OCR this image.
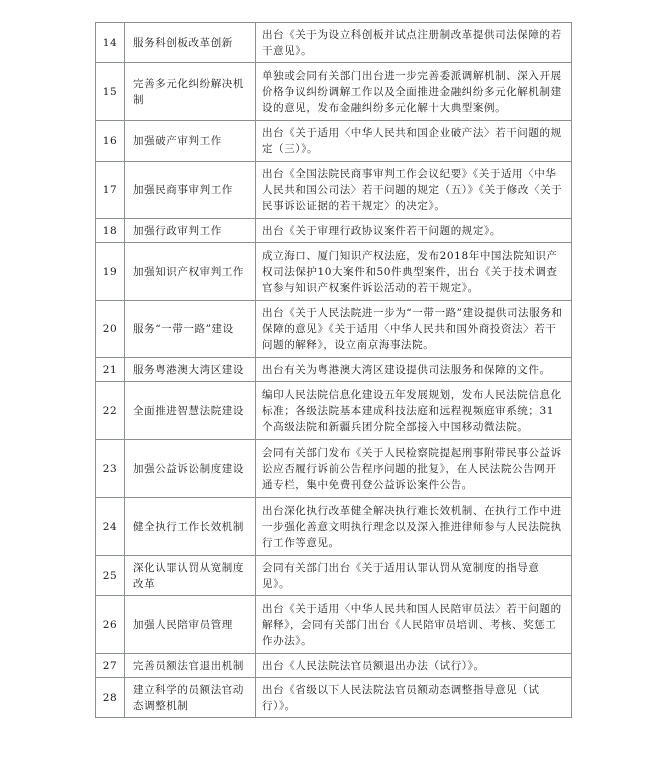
14	服务科创板改革创新	出台《关于为设立科创板并试点注册制改革提供司法保障的若干意见》。
15	完善多元化纠纷解决机制	单独或会同有关部门出台进一步完善委派调解机制、深入开展价格争议纠纷调解工作以及全面推进金融纠纷多元化解机制建设的意见，发布金融纠纷多元化解十大典型案例。
16	加强破产审判工作	出台《关于适用〈中华人民共和国企业破产法〉若干问题的规定（三）》。
17	加强民商事审判工作	出台《全国法院民商事审判工作会议纪要》《关于适用〈中华人民共和国公司法〉若干问题的规定（五）》《关于修改〈关于民事诉讼证据的若干规定〉的决定》。
18	加强行政审判工作	出台《关于审理行政协议案件若干问题的规定》。
19	加强知识产权审判工作	成立海口、厦门知识产权法庭，发布2018年中国法院知识产权司法保护10大案件和50件典型案件，出台《关于技术调查官参与知识产权案件诉讼活动的若干规定》。
20	服务“一带一路”建设	出台《关于人民法院进一步为“一带一路”建设提供司法服务和保障的意见》《关于适用〈中华人民共和国外商投资法〉若干问题的解释》，设立南京海事法院。
21	服务粤港澳大湾区建设	出台有关为粤港澳大湾区建设提供司法服务和保障的文件。
22	全面推进智慧法院建设	编印人民法院信息化建设五年发展规划，发布人民法院信息化标准；各级法院基本建成科技法庭和远程视频庭审系统；31个高级法院和新疆兵团分院全部接入中国移动微法院。
23	加强公益诉讼制度建设	会同有关部门发布《关于人民检察院提起刑事附带民事公益诉讼应否履行诉前公告程序问题的批复》，在人民法院公告网开通专栏，集中免费刊登公益诉讼案件公告。
24	健全执行工作长效机制	出台深化执行改革健全解决执行难长效机制、在执行工作中进一步强化善意文明执行理念以及深入推进律师参与人民法院执行工作等意见。
25	深化认罪认罚从宽制度改革	会同有关部门出台《关于适用认罪认罚从宽制度的指导意见》。
26	加强人民陪审员管理	出台《关于适用〈中华人民共和国人民陪审员法〉若干问题的解释》，会同有关部门出台《人民陪审员培训、考核、奖惩工作办法》。
27	完善员额法官退出机制	出台《人民法院法官员额退出办法（试行）》。
28	建立科学的员额法官动态调整机制	出台《省级以下人民法院法官员额动态调整指导意见（试行）》。
